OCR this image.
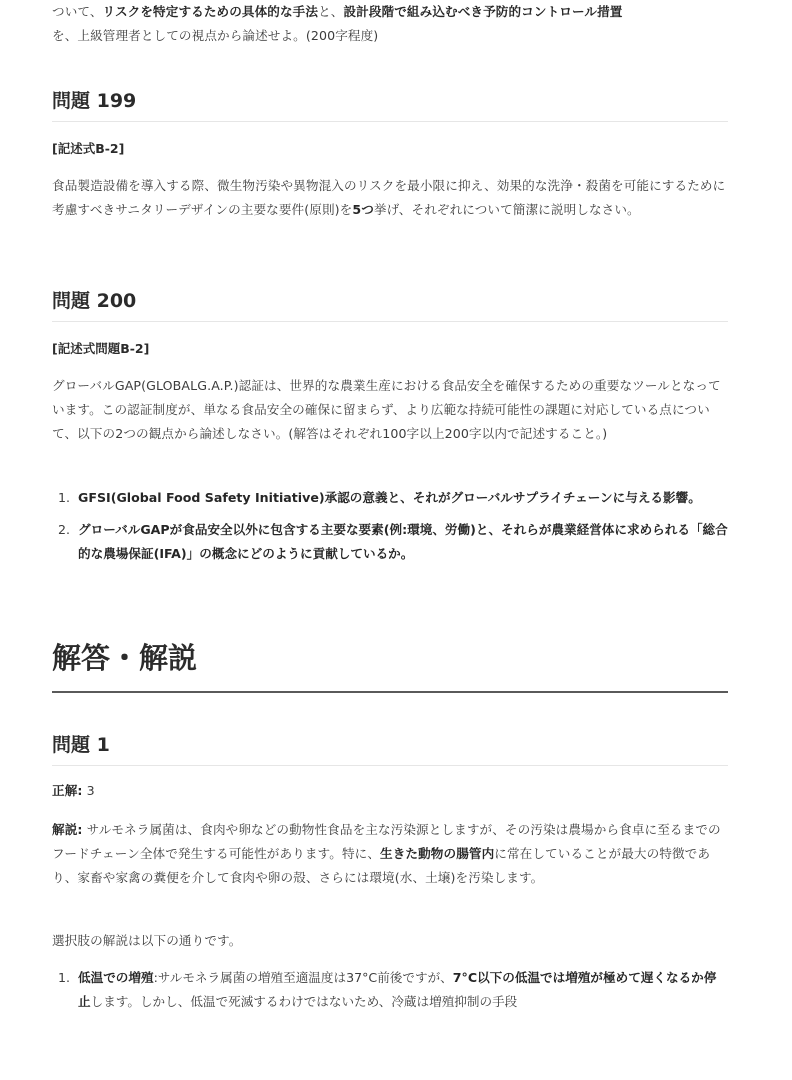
ついて、リスクを特定するための具体的な手法と、設計段階で組み込むべき予防的コントロール措置
を、上級管理者としての視点から論述せよ。(200字程度)

問題 199

[記述式B-2]

食品製造設備を導入する際、微生物汚染や異物混入のリスクを最小限に抑え、効果的な洗浄・殺菌を可能にするために考慮すべきサニタリーデザインの主要な要件(原則)を5つ挙げ、それぞれについて簡潔に説明しなさい。

問題 200

[記述式問題B-2]

グローバルGAP(GLOBALG.A.P.)認証は、世界的な農業生産における食品安全を確保するための重要なツールとなっています。この認証制度が、単なる食品安全の確保に留まらず、より広範な持続可能性の課題に対応している点について、以下の2つの観点から論述しなさい。(解答はそれぞれ100字以上200字以内で記述すること。)

1. GFSI(Global Food Safety Initiative)承認の意義と、それがグローバルサプライチェーンに与える影響。
2. グローバルGAPが食品安全以外に包含する主要な要素(例:環境、労働)と、それらが農業経営体に求められる「総合的な農場保証(IFA)」の概念にどのように貢献しているか。
解答・解説
問題 1

正解: 3

解説: サルモネラ属菌は、食肉や卵などの動物性食品を主な汚染源としますが、その汚染は農場から食卓に至るまでのフードチェーン全体で発生する可能性があります。特に、生きた動物の腸管内に常在していることが最大の特徴であり、家畜や家禽の糞便を介して食肉や卵の殻、さらには環境(水、土壌)を汚染します。

選択肢の解説は以下の通りです。

1. 低温での増殖:サルモネラ属菌の増殖至適温度は37°C前後ですが、7°C以下の低温では増殖が極めて遅くなるか停止します。しかし、低温で死滅するわけではないため、冷蔵は増殖抑制の手段
